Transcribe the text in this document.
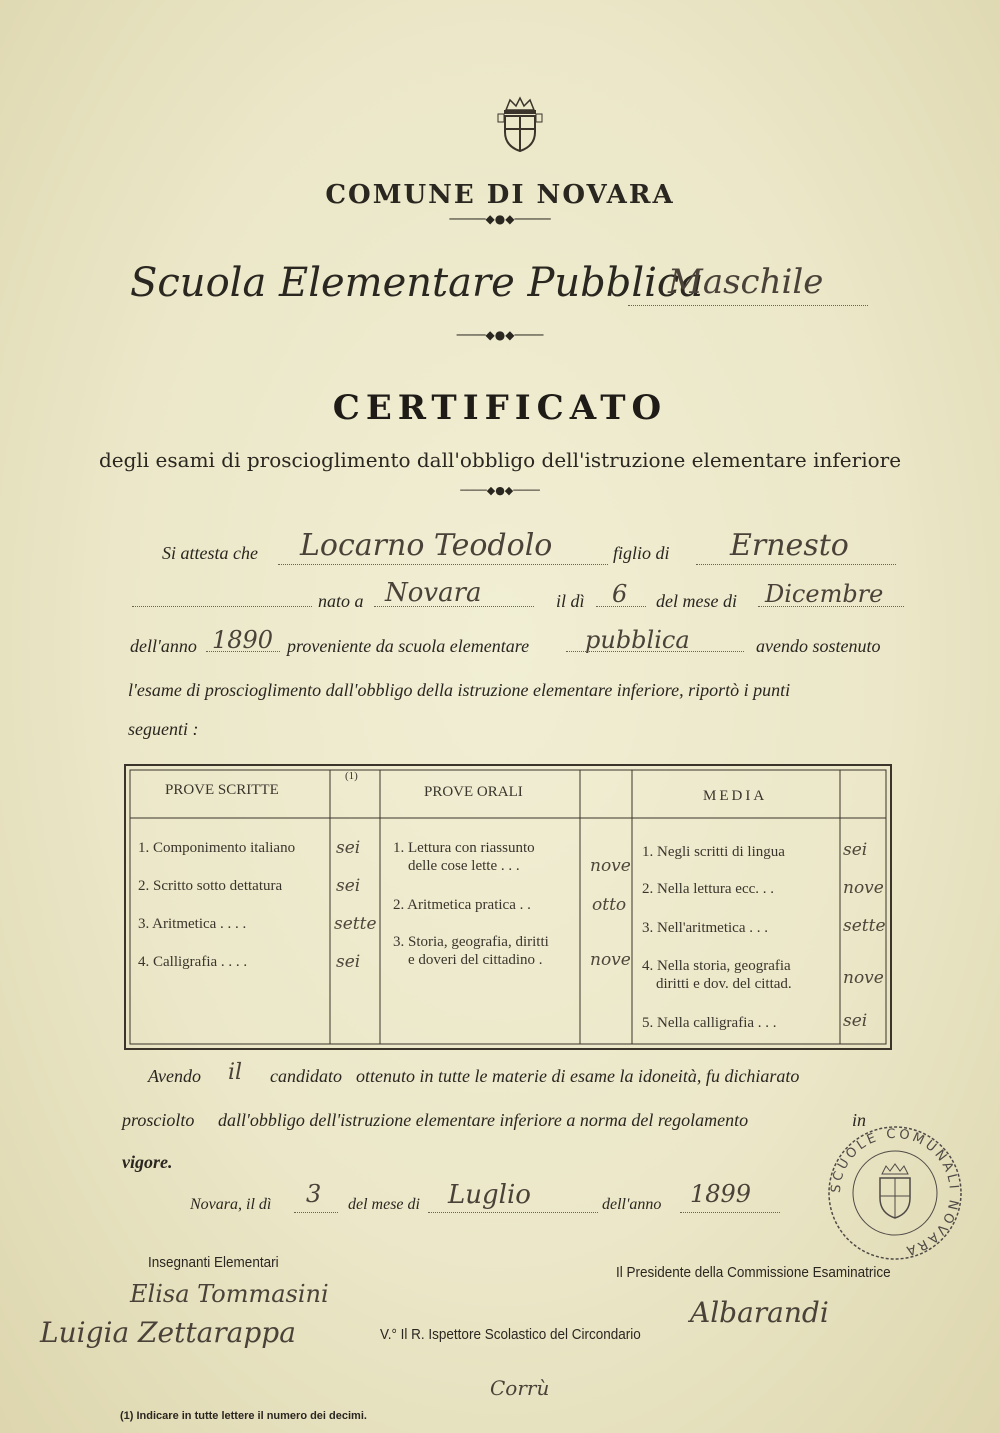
COMUNE DI NOVARA
─────◆●◆─────
Scuola Elementare Pubblica
Maschile
────◆●◆────
CERTIFICATO
degli esami di proscioglimento dall'obbligo dell'istruzione elementare inferiore
────◆●◆────
Si attesta che Locarno Teodolo	figlio di Ernesto
nato a Novara	il dì 6 del mese di Dicembre
dell'anno 1890 proveniente da scuola elementare pubblica	avendo sostenuto
l'esame di proscioglimento dall'obbligo della istruzione elementare inferiore, riportò i punti
seguenti :
PROVE SCRITTE
(1)
PROVE ORALI	MEDIA
1. Componimento italiano sei
2. Scritto sotto dettatura	sei
3. Aritmetica . . . .	sette
4. Calligrafia . . . .	sei
1. Lettura con riassunto
delle cose lette . . .	nove
2. Aritmetica pratica . .	otto
3. Storia, geografia, diritti
e doveri del cittadino .	nove
1. Negli scritti di lingua	sei
2. Nella lettura ecc. . .	nove
3. Nell'aritmetica . . .	sette
4. Nella storia, geografia
diritti e dov. del cittad.	nove
5. Nella calligrafia . . .	sei
Avendo il candidato ottenuto in tutte le materie di esame la idoneità, fu dichiarato
prosciolto dall'obbligo dell'istruzione elementare inferiore a norma del regolamento	in
vigore.
Novara, il dì 3 del mese di Luglio	dell'anno 1899	SCUOLE COMUNALI NOVARA
Insegnanti Elementari
Il Presidente della Commissione Esaminatrice
Elisa Tommasini
Luigia Zettarappa	V.° Il R. Ispettore Scolastico del Circondario
Albarandi
Corrù
(1) Indicare in tutte lettere il numero dei decimi.
